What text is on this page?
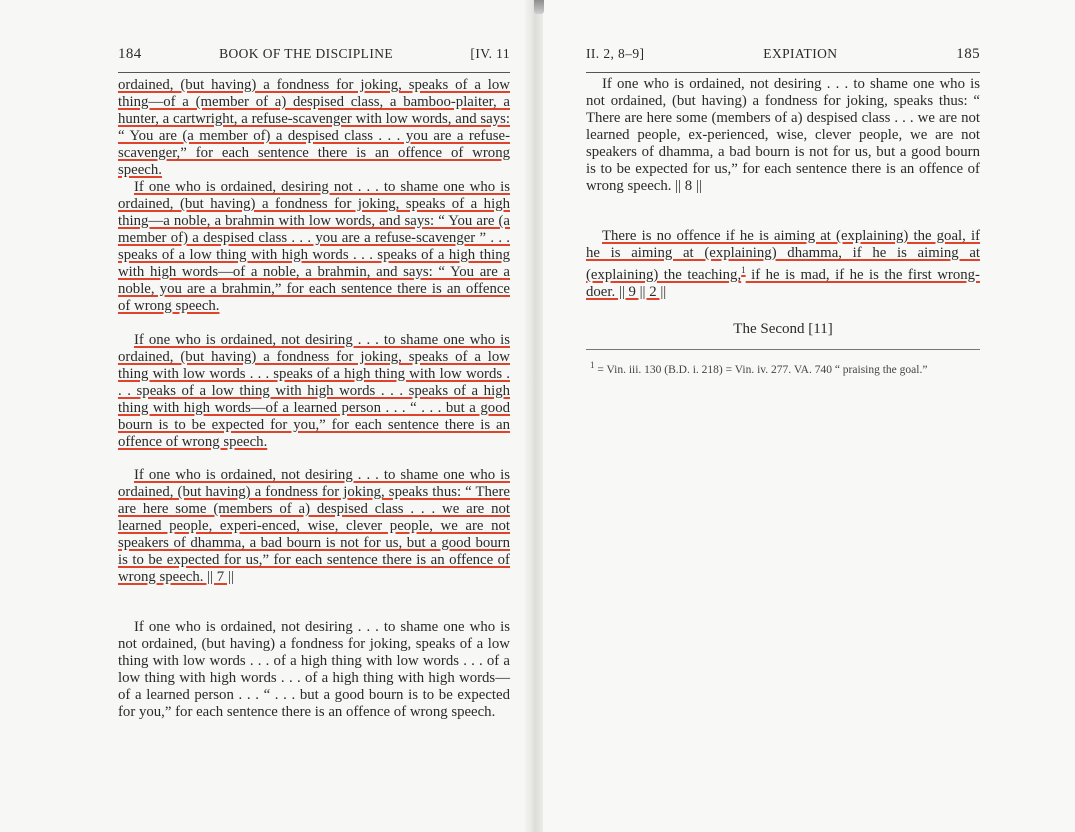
184	BOOK OF THE DISCIPLINE	[IV. 11

ordained, (but having) a fondness for joking, speaks of a low thing—of a (member of a) despised class, a bamboo-plaiter, a hunter, a cartwright, a refuse-scavenger with low words, and says: “ You are (a member of) a despised class . . . you are a refuse-scavenger,” for each sentence there is an offence of wrong speech.

If one who is ordained, desiring not . . . to shame one who is ordained, (but having) a fondness for joking, speaks of a high thing—a noble, a brahmin with low words, and says: “ You are (a member of) a despised class . . . you are a refuse-scavenger ” . . . speaks of a low thing with high words . . . speaks of a high thing with high words—of a noble, a brahmin, and says: “ You are a noble, you are a brahmin,” for each sentence there is an offence of wrong speech.

If one who is ordained, not desiring . . . to shame one who is ordained, (but having) a fondness for joking, speaks of a low thing with low words . . . speaks of a high thing with low words . . . speaks of a low thing with high words . . . speaks of a high thing with high words—of a learned person . . . “ . . . but a good bourn is to be expected for you,” for each sentence there is an offence of wrong speech.

If one who is ordained, not desiring . . . to shame one who is ordained, (but having) a fondness for joking, speaks thus: “ There are here some (members of a) despised class . . . we are not learned people, experi-enced, wise, clever people, we are not speakers of dhamma, a bad bourn is not for us, but a good bourn is to be expected for us,” for each sentence there is an offence of wrong speech. || 7 ||

If one who is ordained, not desiring . . . to shame one who is not ordained, (but having) a fondness for joking, speaks of a low thing with low words . . . of a high thing with low words . . . of a low thing with high words . . . of a high thing with high words—of a learned person . . . “ . . . but a good bourn is to be expected for you,” for each sentence there is an offence of wrong speech.

II. 2, 8–9]	EXPIATION	185

If one who is ordained, not desiring . . . to shame one who is not ordained, (but having) a fondness for joking, speaks thus: “ There are here some (members of a) despised class . . . we are not learned people, ex-perienced, wise, clever people, we are not speakers of dhamma, a bad bourn is not for us, but a good bourn is to be expected for us,” for each sentence there is an offence of wrong speech. || 8 ||

There is no offence if he is aiming at (explaining) the goal, if he is aiming at (explaining) dhamma, if he is aiming at (explaining) the teaching,$^1$ if he is mad, if he is the first wrong-doer. || 9 || 2 ||

The Second [11]
$^1$ = Vin. iii. 130 (B.D. i. 218) = Vin. iv. 277. VA. 740 “ praising the goal.”
